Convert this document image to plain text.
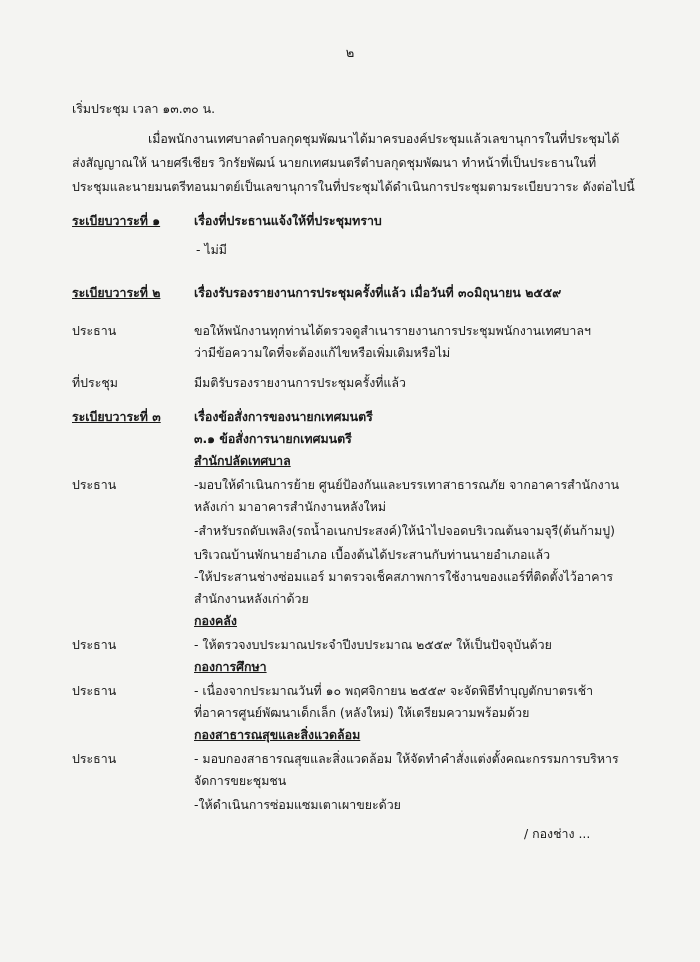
๒
เริ่มประชุม เวลา ๑๓.๓๐ น.
เมื่อพนักงานเทศบาลตำบลกุดชุมพัฒนาได้มาครบองค์ประชุมแล้วเลขานุการในที่ประชุมได้
ส่งสัญญาณให้ นายศรีเชียร วิกรัยพัฒน์ นายกเทศมนตรีตำบลกุดชุมพัฒนา ทำหน้าที่เป็นประธานในที่
ประชุมและนายมนตรีทอนมาตย์เป็นเลขานุการในที่ประชุมได้ดำเนินการประชุมตามระเบียบวาระ ดังต่อไปนี้
ระเบียบวาระที่ ๑	เรื่องที่ประธานแจ้งให้ที่ประชุมทราบ
- ไม่มี
ระเบียบวาระที่ ๒	เรื่องรับรองรายงานการประชุมครั้งที่แล้ว เมื่อวันที่ ๓๐มิถุนายน ๒๕๕๙
ประธาน	ขอให้พนักงานทุกท่านได้ตรวจดูสำเนารายงานการประชุมพนักงานเทศบาลฯ
ว่ามีข้อความใดที่จะต้องแก้ไขหรือเพิ่มเติมหรือไม่
ที่ประชุม	มีมติรับรองรายงานการประชุมครั้งที่แล้ว
ระเบียบวาระที่ ๓	เรื่องข้อสั่งการของนายกเทศมนตรี
๓.๑ ข้อสั่งการนายกเทศมนตรี
สำนักปลัดเทศบาล
ประธาน	-มอบให้ดำเนินการย้าย ศูนย์ป้องกันและบรรเทาสาธารณภัย จากอาคารสำนักงาน
หลังเก่า มาอาคารสำนักงานหลังใหม่
-สำหรับรถดับเพลิง(รถน้ำอเนกประสงค์)ให้นำไปจอดบริเวณต้นจามจุรี(ต้นก้ามปู)
บริเวณบ้านพักนายอำเภอ เบื้องต้นได้ประสานกับท่านนายอำเภอแล้ว
-ให้ประสานช่างซ่อมแอร์ มาตรวจเช็คสภาพการใช้งานของแอร์ที่ติดตั้งไว้อาคาร
สำนักงานหลังเก่าด้วย
กองคลัง
ประธาน	- ให้ตรวจงบประมาณประจำปีงบประมาณ ๒๕๕๙ ให้เป็นปัจจุบันด้วย
กองการศึกษา
ประธาน	- เนื่องจากประมาณวันที่ ๑๐ พฤศจิกายน ๒๕๕๙ จะจัดพิธีทำบุญตักบาตรเช้า
ที่อาคารศูนย์พัฒนาเด็กเล็ก (หลังใหม่) ให้เตรียมความพร้อมด้วย
กองสาธารณสุขและสิ่งแวดล้อม
ประธาน	- มอบกองสาธารณสุขและสิ่งแวดล้อม ให้จัดทำคำสั่งแต่งตั้งคณะกรรมการบริหาร
จัดการขยะชุมชน
-ให้ดำเนินการซ่อมแซมเตาเผาขยะด้วย
/ กองช่าง ...
